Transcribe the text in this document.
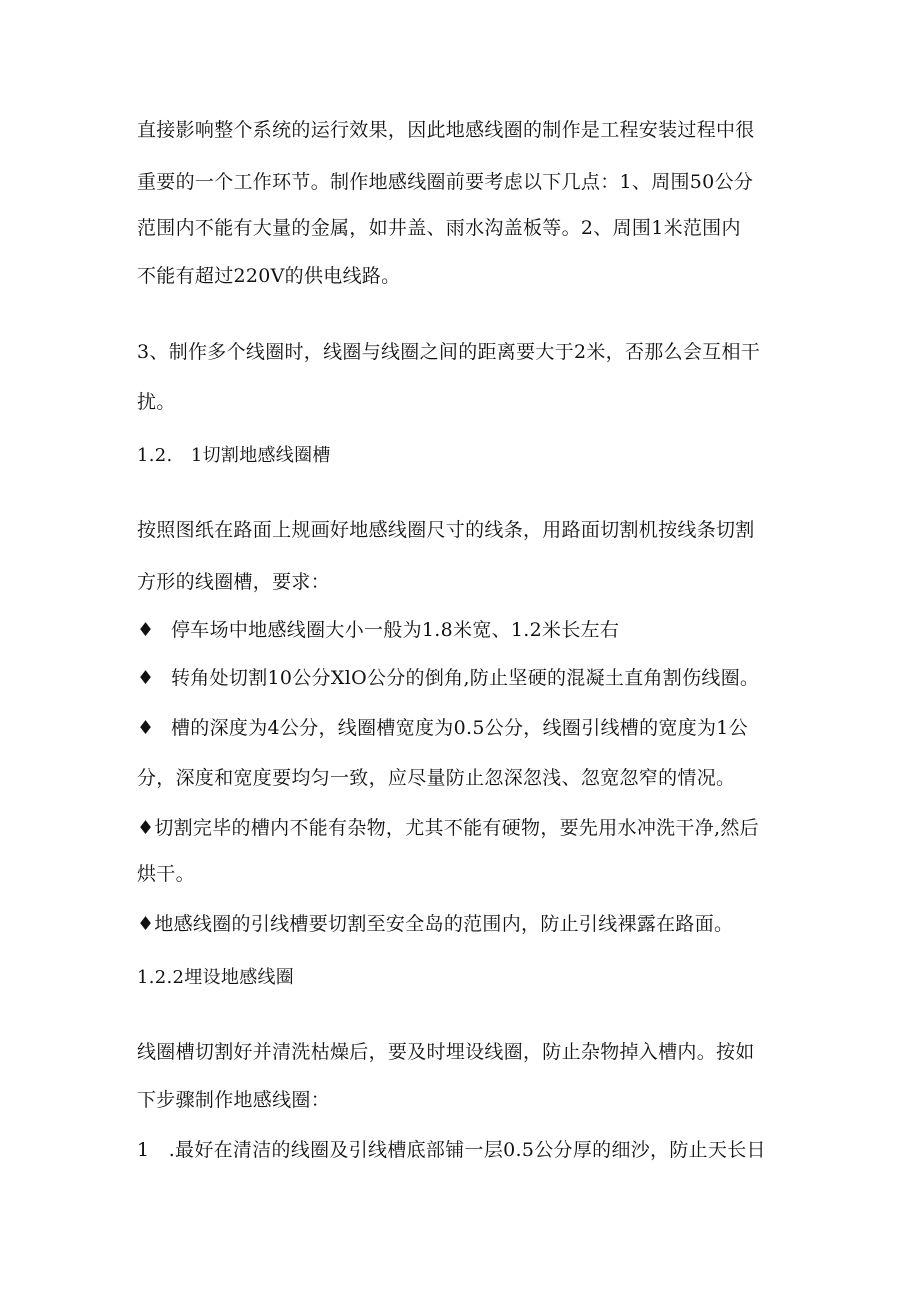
直接影响整个系统的运行效果，因此地感线圈的制作是工程安装过程中很
重要的一个工作环节。制作地感线圈前要考虑以下几点：1、周围50公分
范围内不能有大量的金属，如井盖、雨水沟盖板等。2、周围1米范围内
不能有超过220V的供电线路。
3、制作多个线圈时，线圈与线圈之间的距离要大于2米，否那么会互相干
扰。
1.2.　1切割地感线圈槽
按照图纸在路面上规画好地感线圈尺寸的线条，用路面切割机按线条切割
方形的线圈槽，要求：
♦ 停车场中地感线圈大小一般为1.8米宽、1.2米长左右
♦ 转角处切割10公分XlO公分的倒角,防止坚硬的混凝土直角割伤线圈。
♦ 槽的深度为4公分，线圈槽宽度为0.5公分，线圈引线槽的宽度为1公
分，深度和宽度要均匀一致，应尽量防止忽深忽浅、忽宽忽窄的情况。
♦切割完毕的槽内不能有杂物，尤其不能有硬物，要先用水冲洗干净,然后
烘干。
♦地感线圈的引线槽要切割至安全岛的范围内，防止引线裸露在路面。
1.2.2埋设地感线圈
线圈槽切割好并清洗枯燥后，要及时埋设线圈，防止杂物掉入槽内。按如
下步骤制作地感线圈：
1　.最好在清洁的线圈及引线槽底部铺一层0.5公分厚的细沙，防止天长日
